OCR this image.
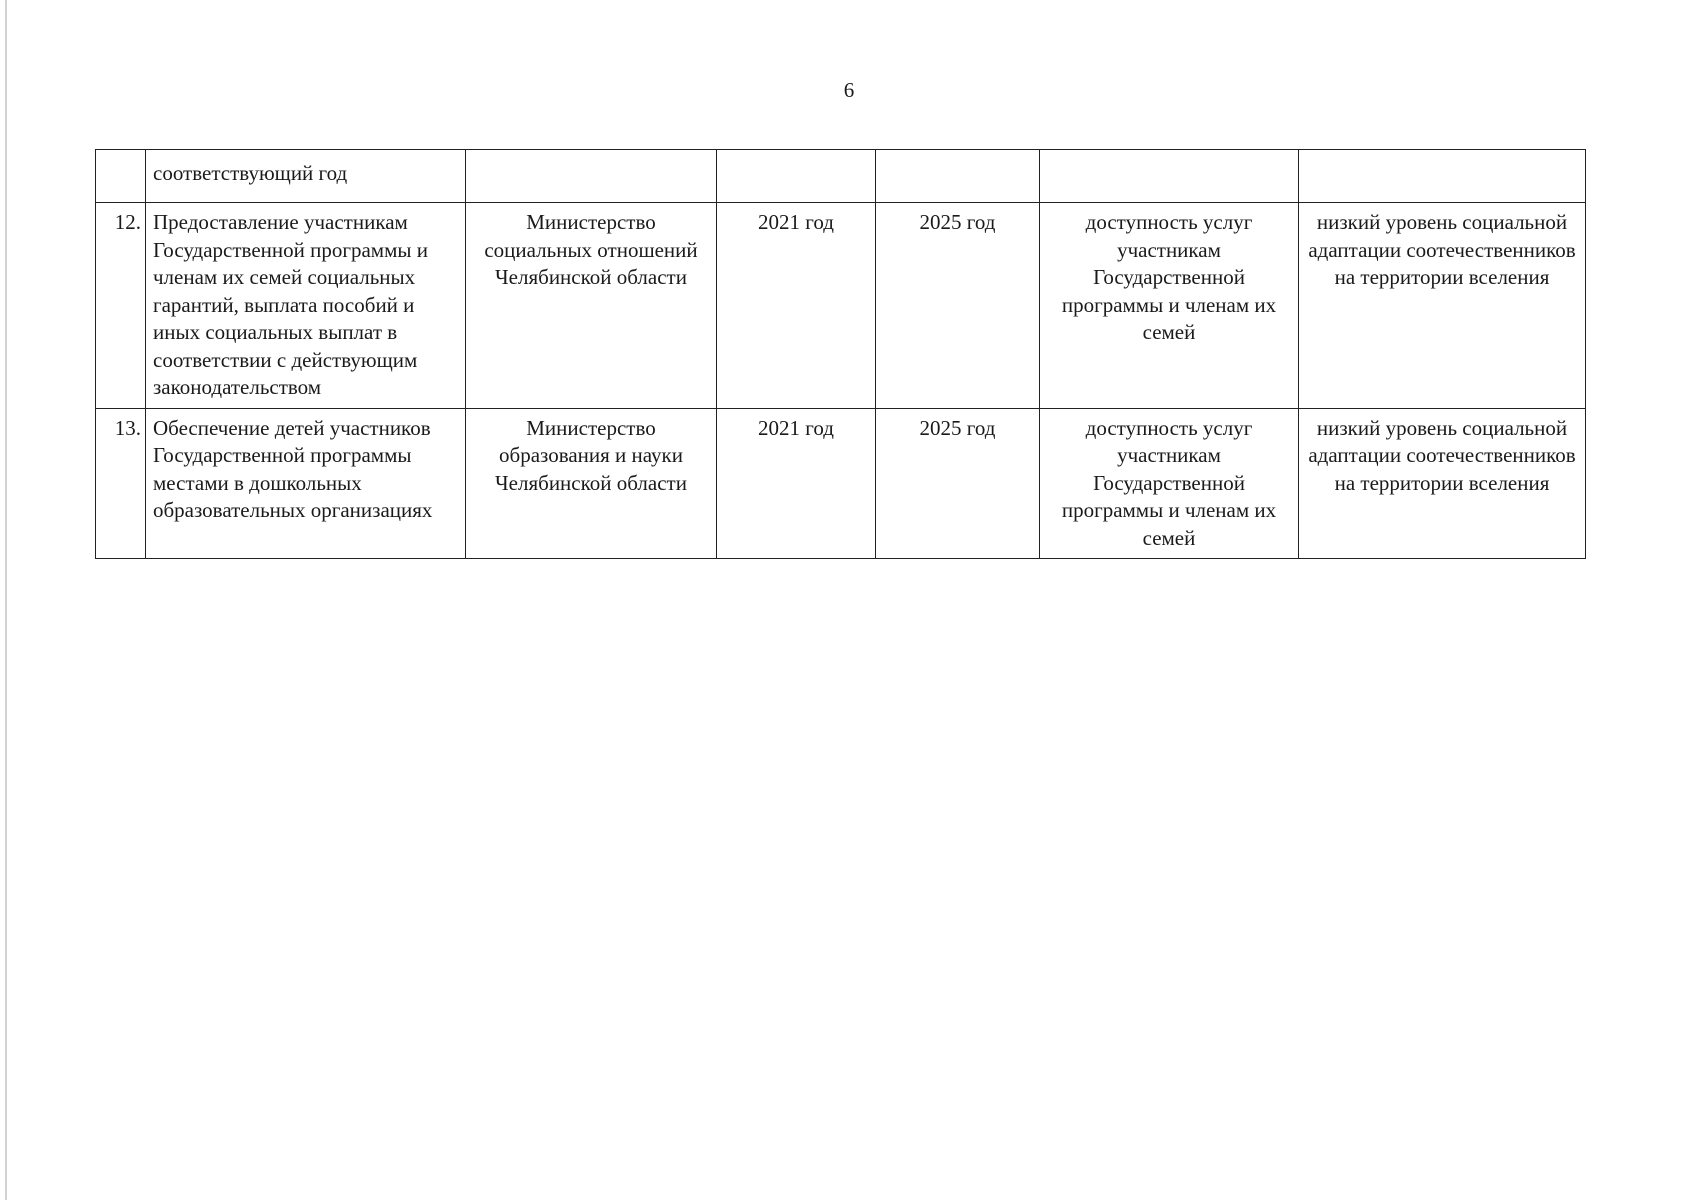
6
	соответствующий год					
12.	Предоставление участникам Государственной программы и членам их семей социальных гарантий, выплата пособий и иных социальных выплат в соответствии с действующим законодательством	Министерство социальных отношений Челябинской области	2021 год	2025 год	доступность услуг участникам Государственной программы и членам их семей	низкий уровень социальной адаптации соотечественников на территории вселения
13.	Обеспечение детей участников Государственной программы местами в дошкольных образовательных организациях	Министерство образования и науки Челябинской области	2021 год	2025 год	доступность услуг участникам Государственной программы и членам их семей	низкий уровень социальной адаптации соотечественников на территории вселения
